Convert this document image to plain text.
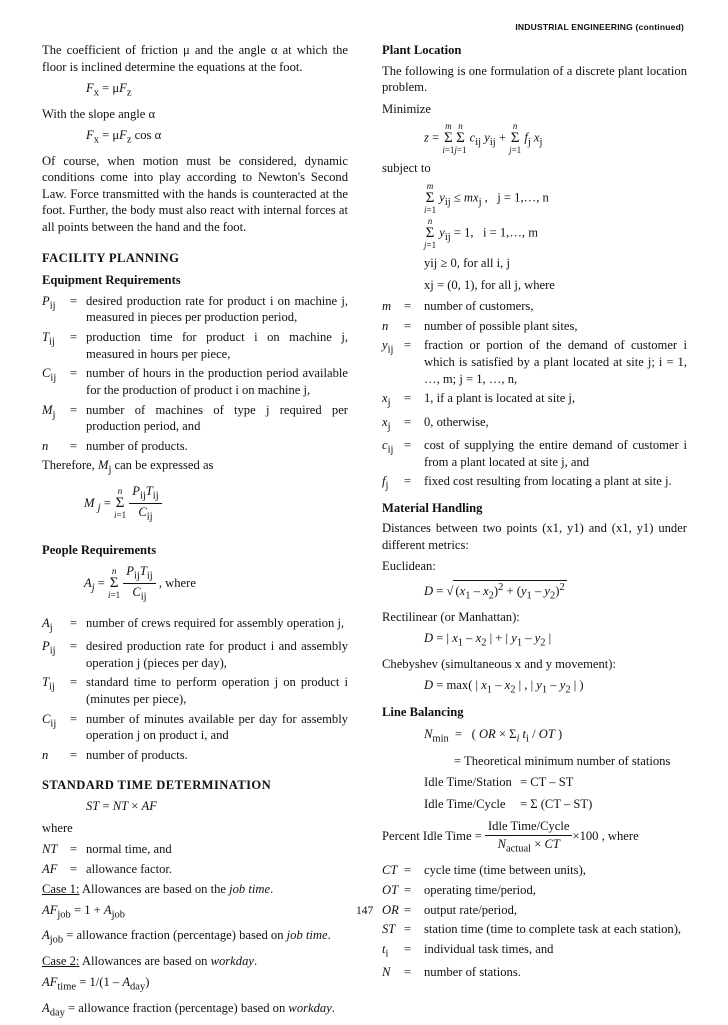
INDUSTRIAL ENGINEERING (continued)

The coefficient of friction μ and the angle α at which the floor is inclined determine the equations at the foot.

$F_x = \mu F_z$

With the slope angle α

$F_x = \mu F_z$ cos α

Of course, when motion must be considered, dynamic conditions come into play according to Newton's Second Law. Force transmitted with the hands is counteracted at the foot. Further, the body must also react with internal forces at all points between the hand and the foot.

FACILITY PLANNING
Equipment Requirements
$P_{ij}$	= desired production rate for product i on machine j, measured in pieces per production period,
$T_{ij}$	= production time for product i on machine j, measured in hours per piece,
$C_{ij}$	= number of hours in the production period available for the production of product i on machine j,
$M_j$	= number of machines of type j required per production period, and
n	= number of products.

Therefore, $M_j$ can be expressed as

M $_j$ = n
Σ
$i=1 \frac{P_{ij}T_{ij}}{C_{ij}}$

People Requirements

$A_j = n$
Σ
$i=1 \frac{P_{ij}T_{ij}}{C_{ij}}$ , where

$A_j$	= number of crews required for assembly operation j,
$P_{ij}$	= desired production rate for product i and assembly operation j (pieces per day),
$T_{ij}$	= standard time to perform operation j on product i (minutes per piece),
$C_{ij}$	= number of minutes available per day for assembly operation j on product i, and
n	= number of products.
STANDARD TIME DETERMINATION

ST = NT × AF

where

NT = normal time, and
AF	= allowance factor.

Case 1: Allowances are based on the job time.

$AF_{job} = 1 + A_{job}$

$A_{job}$ = allowance fraction (percentage) based on job time.

Case 2: Allowances are based on workday.

$AF_{time} = 1/(1 - A_{day})$

$A_{day}$ = allowance fraction (percentage) based on workday.

Plant Location

The following is one formulation of a discrete plant location problem.

Minimize

z = m
Σ
i=1n
Σ
j=1 $c_{ij}$ $y_{ij} + n$
Σ
j=1 $f_j$ $x_j$

subject to

m
Σ
i=1 $y_{ij} \le mx_j$ ,   j = 1,…, n

n
Σ
j=1 $y_{ij} = 1$,   i = 1,…, m

yij ≥ 0, for all i, j

xj = (0, 1), for all j, where

m	=	number of customers,
n	=	number of possible plant sites,
$y_{ij}$ =	fraction or portion of the demand of customer i which is satisfied by a plant located at site j; i = 1, …, m; j = 1, …, n,
$x_j$	=	1, if a plant is located at site j,
$x_j$	=	0, otherwise,
$c_{ij}$ =	cost of supplying the entire demand of customer i from a plant located at site j, and
$f_j$	=	fixed cost resulting from locating a plant at site j.
Material Handling

Distances between two points (x1, y1) and (x1, y1) under different metrics:

Euclidean:

D = √ $(x_1 - x_2)^2 + (y_1 - y_2)^2$

Rectilinear (or Manhattan):

D = | $x_1 - x_2$ | + | $y_1 - y_2$ |

Chebyshev (simultaneous x and y movement):

D = max( | $x_1 - x_2$ | , | $y_1 - y_2$ | )

Line Balancing

$N_{min}$  =   ( OR × $\Sigma_i$ $t_i$ / OT )

= Theoretical minimum number of stations

Idle Time/Station = CT – ST

Idle Time/Cycle = Σ (CT – ST)

Percent Idle Time = $\frac{\text{Idle Time/Cycle}}{N_{actual} \times CT} \times 100$ , where

CT =	cycle time (time between units),
OT =	operating time/period,
OR =	output rate/period,
ST =	station time (time to complete task at each station),
$t_i$	=	individual task times, and
N	=	number of stations.
147
